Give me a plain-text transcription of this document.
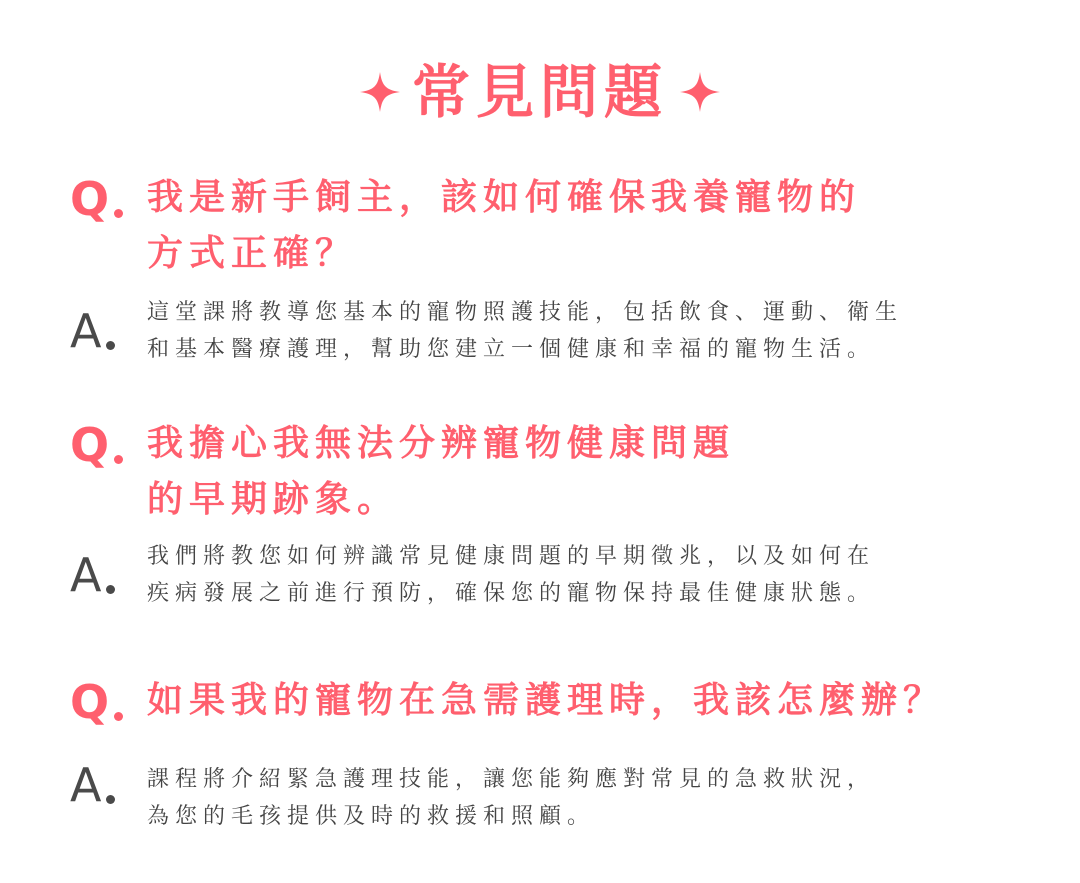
常見問題
Q 我是新手飼主，該如何確保我養寵物的
方式正確？

A 這堂課將教導您基本的寵物照護技能，包括飲食、運動、衛生
和基本醫療護理，幫助您建立一個健康和幸福的寵物生活。

Q 我擔心我無法分辨寵物健康問題
的早期跡象。

A 我們將教您如何辨識常見健康問題的早期徵兆，以及如何在
疾病發展之前進行預防，確保您的寵物保持最佳健康狀態。

Q 如果我的寵物在急需護理時，我該怎麼辦？

A 課程將介紹緊急護理技能，讓您能夠應對常見的急救狀況，
為您的毛孩提供及時的救援和照顧。
